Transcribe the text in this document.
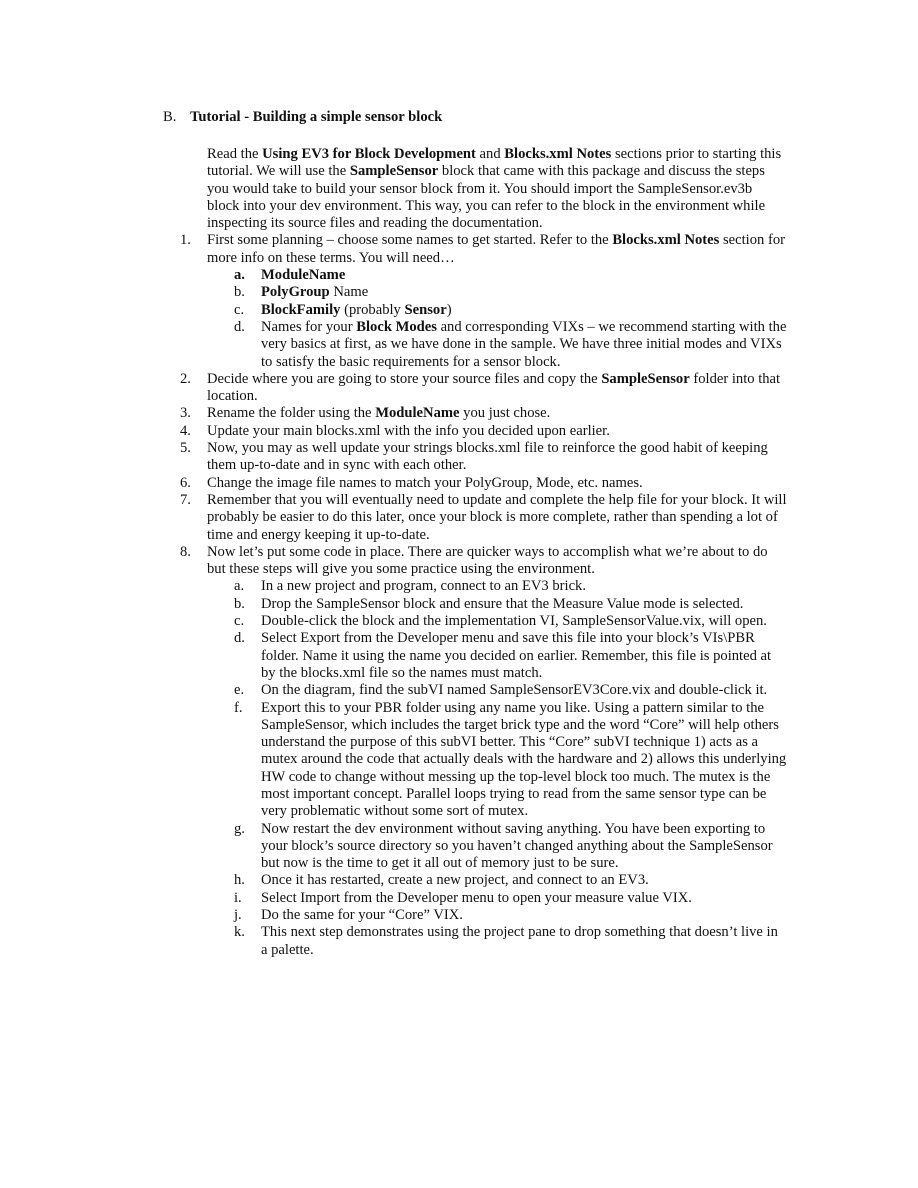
B. Tutorial - Building a simple sensor block

Read the Using EV3 for Block Development and Blocks.xml Notes sections prior to starting this tutorial. We will use the SampleSensor block that came with this package and discuss the steps you would take to build your sensor block from it. You should import the SampleSensor.ev3b block into your dev environment. This way, you can refer to the block in the environment while inspecting its source files and reading the documentation.

1. First some planning – choose some names to get started. Refer to the Blocks.xml Notes section for more info on these terms. You will need…
a. ModuleName
b. PolyGroup Name
c. BlockFamily (probably Sensor)
d. Names for your Block Modes and corresponding VIXs – we recommend starting with the very basics at first, as we have done in the sample. We have three initial modes and VIXs to satisfy the basic requirements for a sensor block.
2. Decide where you are going to store your source files and copy the SampleSensor folder into that location.
3. Rename the folder using the ModuleName you just chose.
4. Update your main blocks.xml with the info you decided upon earlier.
5. Now, you may as well update your strings blocks.xml file to reinforce the good habit of keeping them up-to-date and in sync with each other.
6. Change the image file names to match your PolyGroup, Mode, etc. names.
7. Remember that you will eventually need to update and complete the help file for your block. It will probably be easier to do this later, once your block is more complete, rather than spending a lot of time and energy keeping it up-to-date.
8. Now let’s put some code in place. There are quicker ways to accomplish what we’re about to do but these steps will give you some practice using the environment.
a. In a new project and program, connect to an EV3 brick.
b. Drop the SampleSensor block and ensure that the Measure Value mode is selected.
c. Double-click the block and the implementation VI, SampleSensorValue.vix, will open.
d. Select Export from the Developer menu and save this file into your block’s VIs\PBR folder. Name it using the name you decided on earlier. Remember, this file is pointed at by the blocks.xml file so the names must match.
e. On the diagram, find the subVI named SampleSensorEV3Core.vix and double-click it.
f. Export this to your PBR folder using any name you like. Using a pattern similar to the SampleSensor, which includes the target brick type and the word “Core” will help others understand the purpose of this subVI better. This “Core” subVI technique 1) acts as a mutex around the code that actually deals with the hardware and 2) allows this underlying HW code to change without messing up the top-level block too much. The mutex is the most important concept. Parallel loops trying to read from the same sensor type can be very problematic without some sort of mutex.
g. Now restart the dev environment without saving anything. You have been exporting to your block’s source directory so you haven’t changed anything about the SampleSensor but now is the time to get it all out of memory just to be sure.
h. Once it has restarted, create a new project, and connect to an EV3.
i. Select Import from the Developer menu to open your measure value VIX.
j. Do the same for your “Core” VIX.
k. This next step demonstrates using the project pane to drop something that doesn’t live in a palette.
